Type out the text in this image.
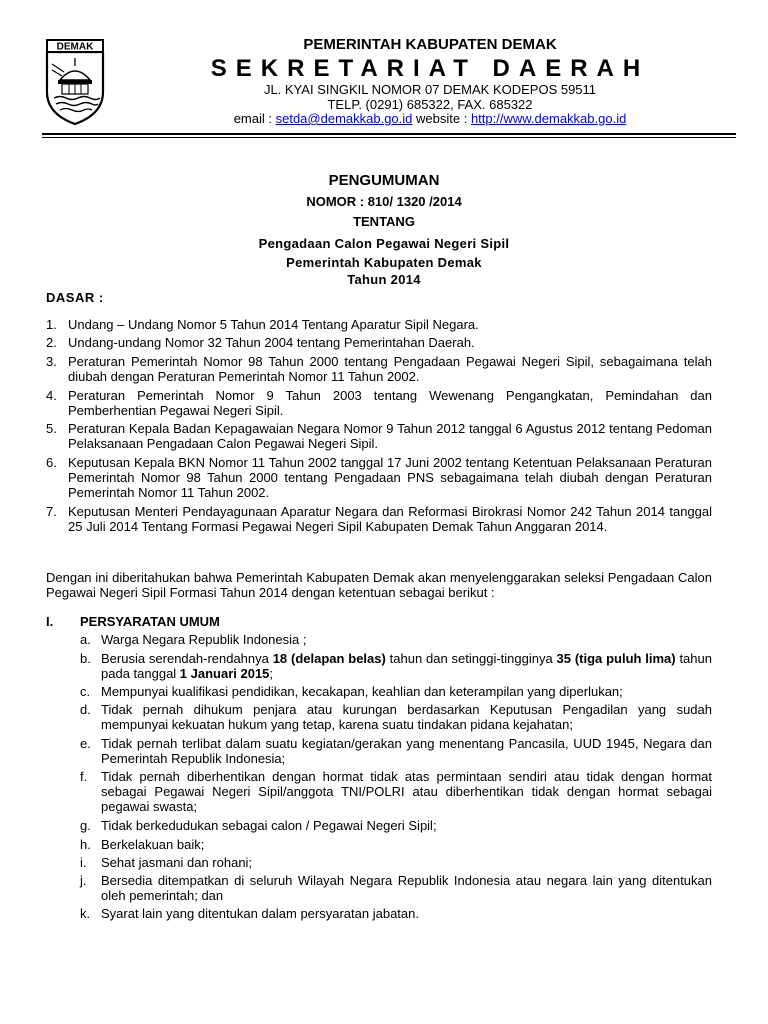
DEMAK	PEMERINTAH KABUPATEN DEMAK
SEKRETARIAT DAERAH
JL. KYAI SINGKIL NOMOR 07 DEMAK KODEPOS 59511
TELP. (0291) 685322, FAX. 685322
email : setda@demakkab.go.id website : http://www.demakkab.go.id
PENGUMUMAN
NOMOR : 810/ 1320 /2014
TENTANG
Pengadaan Calon Pegawai Negeri Sipil
Pemerintah Kabupaten Demak
Tahun 2014
DASAR :
1. Undang – Undang Nomor 5 Tahun 2014 Tentang Aparatur Sipil Negara.
2. Undang-undang Nomor 32 Tahun 2004 tentang Pemerintahan Daerah.
3. Peraturan Pemerintah Nomor 98 Tahun 2000 tentang Pengadaan Pegawai Negeri Sipil, sebagaimana telah diubah dengan Peraturan Pemerintah Nomor 11 Tahun 2002.
4. Peraturan Pemerintah Nomor 9 Tahun 2003 tentang Wewenang Pengangkatan, Pemindahan dan Pemberhentian Pegawai Negeri Sipil.
5. Peraturan Kepala Badan Kepagawaian Negara Nomor 9 Tahun 2012 tanggal 6 Agustus 2012 tentang Pedoman Pelaksanaan Pengadaan Calon Pegawai Negeri Sipil.
6. Keputusan Kepala BKN Nomor 11 Tahun 2002 tanggal 17 Juni 2002 tentang Ketentuan Pelaksanaan Peraturan Pemerintah Nomor 98 Tahun 2000 tentang Pengadaan PNS sebagaimana telah diubah dengan Peraturan Pemerintah Nomor 11 Tahun 2002.
7. Keputusan Menteri Pendayagunaan Aparatur Negara dan Reformasi Birokrasi Nomor 242 Tahun 2014 tanggal 25 Juli 2014 Tentang Formasi Pegawai Negeri Sipil Kabupaten Demak Tahun Anggaran 2014.
Dengan ini diberitahukan bahwa Pemerintah Kabupaten Demak akan menyelenggarakan seleksi Pengadaan Calon Pegawai Negeri Sipil Formasi Tahun 2014 dengan ketentuan sebagai berikut :
I. PERSYARATAN UMUM
a. Warga Negara Republik Indonesia ;
b. Berusia serendah-rendahnya 18 (delapan belas) tahun dan setinggi-tingginya 35 (tiga puluh lima) tahun pada tanggal 1 Januari 2015;
c. Mempunyai kualifikasi pendidikan, kecakapan, keahlian dan keterampilan yang diperlukan;
d. Tidak pernah dihukum penjara atau kurungan berdasarkan Keputusan Pengadilan yang sudah mempunyai kekuatan hukum yang tetap, karena suatu tindakan pidana kejahatan;
e. Tidak pernah terlibat dalam suatu kegiatan/gerakan yang menentang Pancasila, UUD 1945, Negara dan Pemerintah Republik Indonesia;
f. Tidak pernah diberhentikan dengan hormat tidak atas permintaan sendiri atau tidak dengan hormat sebagai Pegawai Negeri Sipil/anggota TNI/POLRI atau diberhentikan tidak dengan hormat sebagai pegawai swasta;
g. Tidak berkedudukan sebagai calon / Pegawai Negeri Sipil;
h. Berkelakuan baik;
i. Sehat jasmani dan rohani;
j. Bersedia ditempatkan di seluruh Wilayah Negara Republik Indonesia atau negara lain yang ditentukan oleh pemerintah; dan
k. Syarat lain yang ditentukan dalam persyaratan jabatan.
